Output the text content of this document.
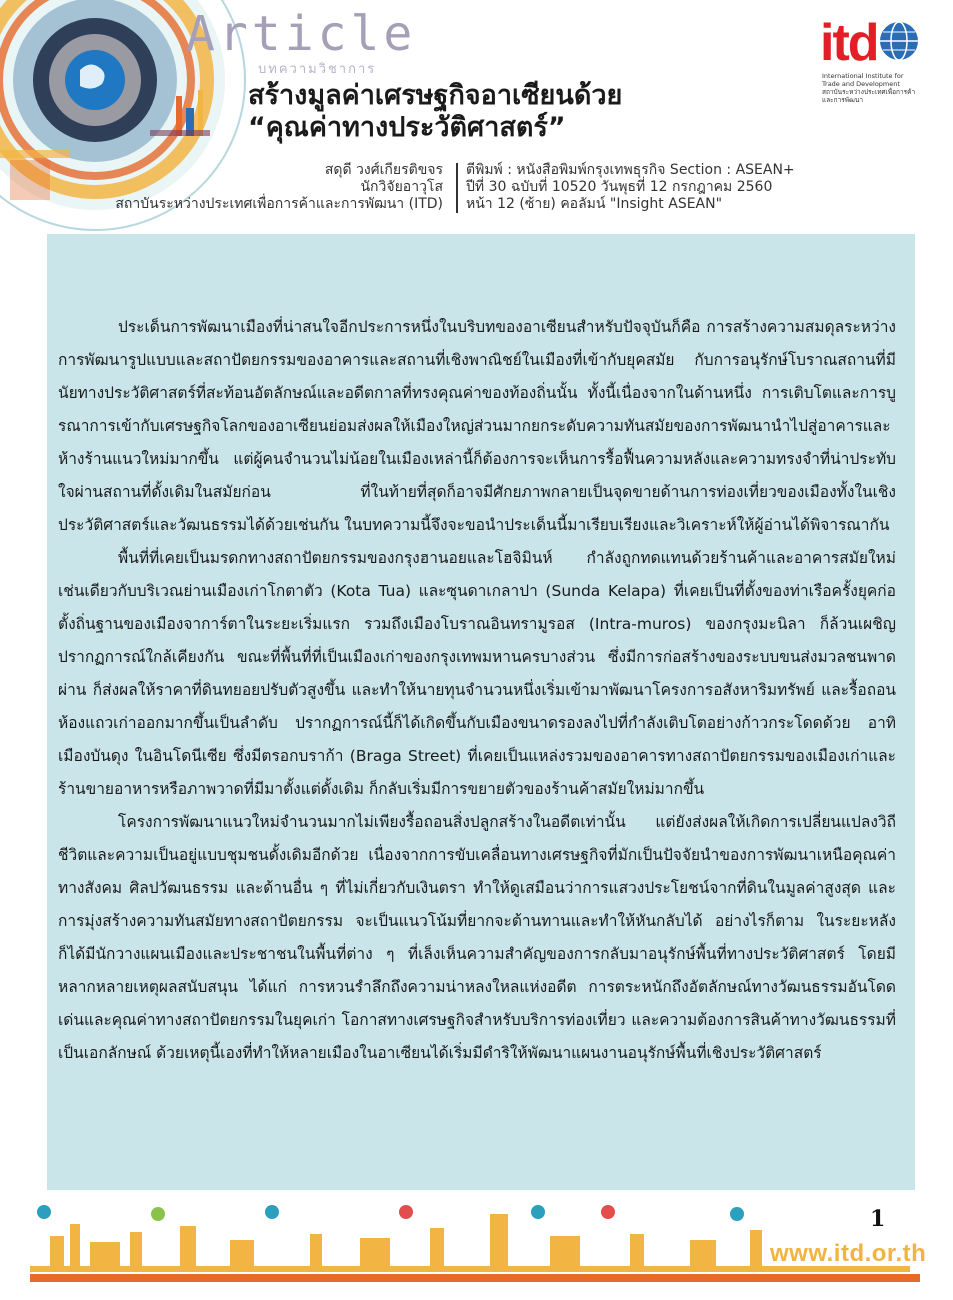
Article
บทความวิชาการ
สร้างมูลค่าเศรษฐกิจอาเซียนด้วย
“คุณค่าทางประวัติศาสตร์”
itd
International Institute for Trade and Development
สถาบันระหว่างประเทศเพื่อการค้าและการพัฒนา
สดุดี วงศ์เกียรติขจร
นักวิจัยอาวุโส
สถาบันระหว่างประเทศเพื่อการค้าและการพัฒนา (ITD)
ตีพิมพ์ : หนังสือพิมพ์กรุงเทพธุรกิจ Section : ASEAN+
ปีที่ 30 ฉบับที่ 10520 วันพุธที่ 12 กรกฎาคม 2560
หน้า 12 (ซ้าย) คอลัมน์ "Insight ASEAN"

ประเด็นการพัฒนาเมืองที่น่าสนใจอีกประการหนึ่งในบริบทของอาเซียนสำหรับปัจจุบันก็คือ การสร้างความสมดุลระหว่างการพัฒนารูปแบบและสถาปัตยกรรมของอาคารและสถานที่เชิงพาณิชย์ในเมืองที่เข้ากับยุคสมัย กับการอนุรักษ์โบราณสถานที่มีนัยทางประวัติศาสตร์ที่สะท้อนอัตลักษณ์และอดีตกาลที่ทรงคุณค่าของท้องถิ่นนั้น ทั้งนี้เนื่องจากในด้านหนึ่ง การเติบโตและการบูรณาการเข้ากับเศรษฐกิจโลกของอาเซียนย่อมส่งผลให้เมืองใหญ่ส่วนมากยกระดับความทันสมัยของการพัฒนานำไปสู่อาคารและห้างร้านแนวใหม่มากขึ้น แต่ผู้คนจำนวนไม่น้อยในเมืองเหล่านี้ก็ต้องการจะเห็นการรื้อฟื้นความหลังและความทรงจำที่น่าประทับใจผ่านสถานที่ดั้งเดิมในสมัยก่อน ที่ในท้ายที่สุดก็อาจมีศักยภาพกลายเป็นจุดขายด้านการท่องเที่ยวของเมืองทั้งในเชิงประวัติศาสตร์และวัฒนธรรมได้ด้วยเช่นกัน ในบทความนี้จึงจะขอนำประเด็นนี้มาเรียบเรียงและวิเคราะห์ให้ผู้อ่านได้พิจารณากัน

พื้นที่ที่เคยเป็นมรดกทางสถาปัตยกรรมของกรุงฮานอยและโฮจิมินห์ กำลังถูกทดแทนด้วยร้านค้าและอาคารสมัยใหม่ เช่นเดียวกับบริเวณย่านเมืองเก่าโกตาตัว (Kota Tua) และซุนดาเกลาปา (Sunda Kelapa) ที่เคยเป็นที่ตั้งของท่าเรือครั้งยุคก่อตั้งถิ่นฐานของเมืองจาการ์ตาในระยะเริ่มแรก รวมถึงเมืองโบราณอินทรามูรอส (Intra-muros) ของกรุงมะนิลา ก็ล้วนเผชิญปรากฏการณ์ใกล้เคียงกัน ขณะที่พื้นที่ที่เป็นเมืองเก่าของกรุงเทพมหานครบางส่วน ซึ่งมีการก่อสร้างของระบบขนส่งมวลชนพาดผ่าน ก็ส่งผลให้ราคาที่ดินทยอยปรับตัวสูงขึ้น และทำให้นายทุนจำนวนหนึ่งเริ่มเข้ามาพัฒนาโครงการอสังหาริมทรัพย์ และรื้อถอนห้องแถวเก่าออกมากขึ้นเป็นลำดับ ปรากฏการณ์นี้ก็ได้เกิดขึ้นกับเมืองขนาดรองลงไปที่กำลังเติบโตอย่างก้าวกระโดดด้วย อาทิ เมืองบันดุง ในอินโดนีเซีย ซึ่งมีตรอกบราก้า (Braga Street) ที่เคยเป็นแหล่งรวมของอาคารทางสถาปัตยกรรมของเมืองเก่าและร้านขายอาหารหรือภาพวาดที่มีมาตั้งแต่ดั้งเดิม ก็กลับเริ่มมีการขยายตัวของร้านค้าสมัยใหม่มากขึ้น

โครงการพัฒนาแนวใหม่จำนวนมากไม่เพียงรื้อถอนสิ่งปลูกสร้างในอดีตเท่านั้น แต่ยังส่งผลให้เกิดการเปลี่ยนแปลงวิถีชีวิตและความเป็นอยู่แบบชุมชนดั้งเดิมอีกด้วย เนื่องจากการขับเคลื่อนทางเศรษฐกิจที่มักเป็นปัจจัยนำของการพัฒนาเหนือคุณค่าทางสังคม ศิลปวัฒนธรรม และด้านอื่น ๆ ที่ไม่เกี่ยวกับเงินตรา ทำให้ดูเสมือนว่าการแสวงประโยชน์จากที่ดินในมูลค่าสูงสุด และการมุ่งสร้างความทันสมัยทางสถาปัตยกรรม จะเป็นแนวโน้มที่ยากจะต้านทานและทำให้หันกลับได้ อย่างไรก็ตาม ในระยะหลังก็ได้มีนักวางแผนเมืองและประชาชนในพื้นที่ต่าง ๆ ที่เล็งเห็นความสำคัญของการกลับมาอนุรักษ์พื้นที่ทางประวัติศาสตร์ โดยมีหลากหลายเหตุผลสนับสนุน ได้แก่ การหวนรำลึกถึงความน่าหลงใหลแห่งอดีต การตระหนักถึงอัตลักษณ์ทางวัฒนธรรมอันโดดเด่นและคุณค่าทางสถาปัตยกรรมในยุคเก่า โอกาสทางเศรษฐกิจสำหรับบริการท่องเที่ยว และความต้องการสินค้าทางวัฒนธรรมที่เป็นเอกลักษณ์ ด้วยเหตุนี้เองที่ทำให้หลายเมืองในอาเซียนได้เริ่มมีดำริให้พัฒนาแผนงานอนุรักษ์พื้นที่เชิงประวัติศาสตร์

1
www.itd.or.th
